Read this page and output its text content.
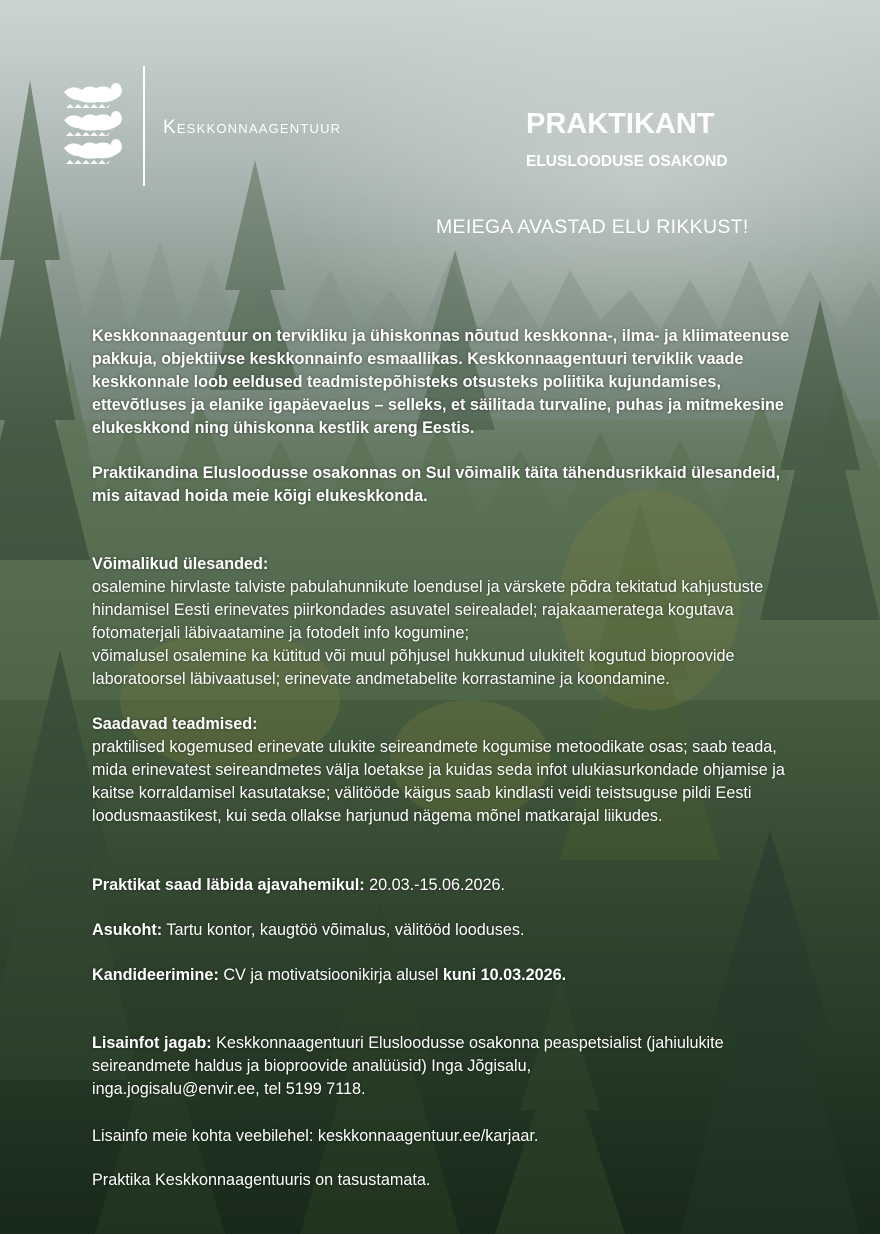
Keskkonnaagentuur	PRAKTIKANT
ELUSLOODUSE OSAKOND
MEIEGA AVASTAD ELU RIKKUST!
Keskkonnaagentuur on tervikliku ja ühiskonnas nõutud keskkonna-, ilma- ja kliimateenuse pakkuja, objektiivse keskkonnainfo esmaallikas. Keskkonnaagentuuri terviklik vaade keskkonnale loob eeldused teadmistepõhisteks otsusteks poliitika kujundamises, ettevõtluses ja elanike igapäevaelus – selleks, et säilitada turvaline, puhas ja mitmekesine elukeskkond ning ühiskonna kestlik areng Eestis.
Praktikandina Elusloodusse osakonnas on Sul võimalik täita tähendusrikkaid ülesandeid, mis aitavad hoida meie kõigi elukeskkonda.
Võimalikud ülesanded:
osalemine hirvlaste talviste pabulahunnikute loendusel ja värskete põdra tekitatud kahjustuste hindamisel Eesti erinevates piirkondades asuvatel seirealadel; rajakaameratega kogutava fotomaterjali läbivaatamine ja fotodelt info kogumine;
võimalusel osalemine ka kütitud või muul põhjusel hukkunud ulukitelt kogutud bioproovide laboratoorsel läbivaatusel; erinevate andmetabelite korrastamine ja koondamine.
Saadavad teadmised:
praktilised kogemused erinevate ulukite seireandmete kogumise metoodikate osas; saab teada, mida erinevatest seireandmetes välja loetakse ja kuidas seda infot ulukiasurkondade ohjamise ja kaitse korraldamisel kasutatakse; välitööde käigus saab kindlasti veidi teistsuguse pildi Eesti loodusmaastikest, kui seda ollakse harjunud nägema mõnel matkarajal liikudes.
Praktikat saad läbida ajavahemikul: 20.03.-15.06.2026.
Asukoht: Tartu kontor, kaugtöö võimalus, välitööd looduses.
Kandideerimine: CV ja motivatsioonikirja alusel kuni 10.03.2026.
Lisainfot jagab: Keskkonnaagentuuri Elusloodusse osakonna peaspetsialist (jahiulukite seireandmete haldus ja bioproovide analüüsid) Inga Jõgisalu,
inga.jogisalu@envir.ee, tel 5199 7118.
Lisainfo meie kohta veebilehel: keskkonnaagentuur.ee/karjaar.
Praktika Keskkonnaagentuuris on tasustamata.
